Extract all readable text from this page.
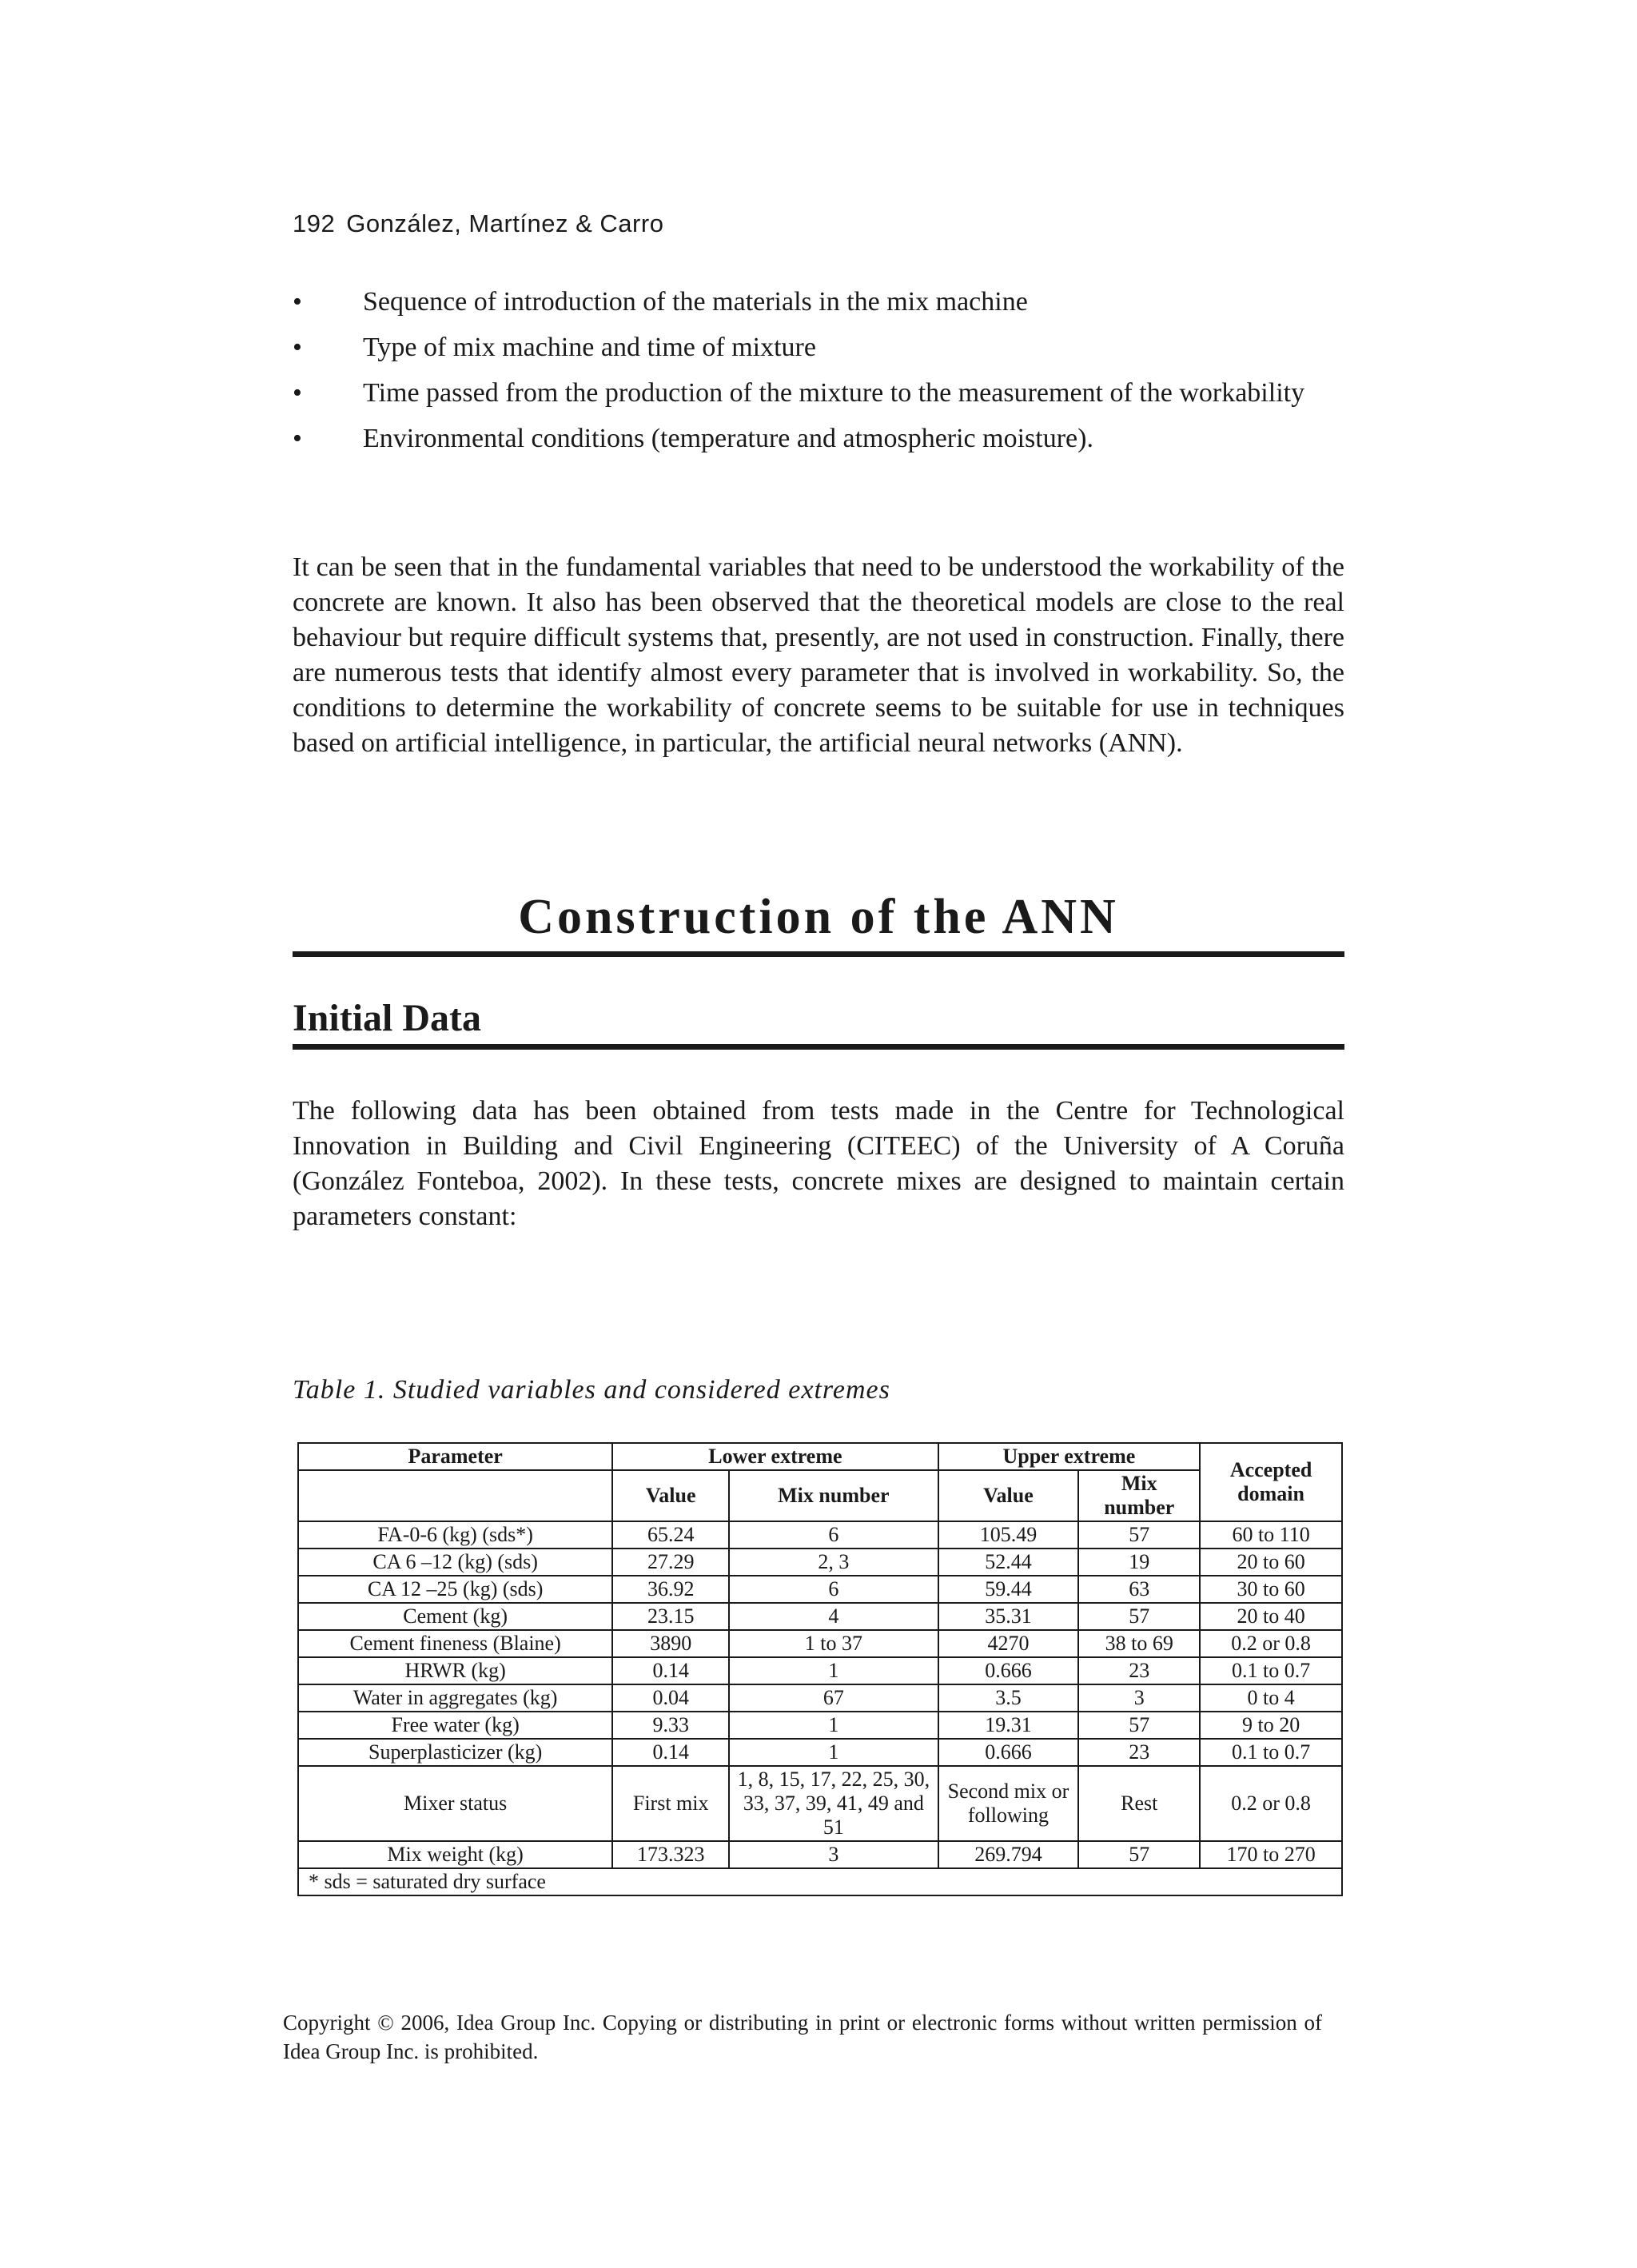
192 González, Martínez & Carro
• Sequence of introduction of the materials in the mix machine
• Type of mix machine and time of mixture
• Time passed from the production of the mixture to the measurement of the workability
• Environmental conditions (temperature and atmospheric moisture).

It can be seen that in the fundamental variables that need to be understood the workability of the concrete are known. It also has been observed that the theoretical models are close to the real behaviour but require difficult systems that, presently, are not used in construction. Finally, there are numerous tests that identify almost every parameter that is involved in workability. So, the conditions to determine the workability of concrete seems to be suitable for use in techniques based on artificial intelligence, in particular, the artificial neural networks (ANN).

Construction of the ANN
Initial Data

The following data has been obtained from tests made in the Centre for Technological Innovation in Building and Civil Engineering (CITEEC) of the University of A Coruña (González Fonteboa, 2002). In these tests, concrete mixes are designed to maintain certain parameters constant:

Table 1. Studied variables and considered extremes

Parameter	Lower extreme		Upper extreme		Accepted domain
	Value	Mix number	Value	Mix number	
FA-0-6 (kg) (sds*)	65.24	6	105.49	57	60 to 110
CA 6 –12 (kg) (sds)	27.29	2, 3	52.44	19	20 to 60
CA 12 –25 (kg) (sds)	36.92	6	59.44	63	30 to 60
Cement (kg)	23.15	4	35.31	57	20 to 40
Cement fineness (Blaine)	3890	1 to 37	4270	38 to 69	0.2 or 0.8
HRWR (kg)	0.14	1	0.666	23	0.1 to 0.7
Water in aggregates (kg)	0.04	67	3.5	3	0 to 4
Free water (kg)	9.33	1	19.31	57	9 to 20
Superplasticizer (kg)	0.14	1	0.666	23	0.1 to 0.7
Mixer status	First mix	1, 8, 15, 17, 22, 25, 30, 33, 37, 39, 41, 49 and 51	Second mix or following	Rest	0.2 or 0.8
Mix weight (kg)	173.323	3	269.794	57	170 to 270
* sds = saturated dry surface					

Copyright © 2006, Idea Group Inc. Copying or distributing in print or electronic forms without written permission of Idea Group Inc. is prohibited.
